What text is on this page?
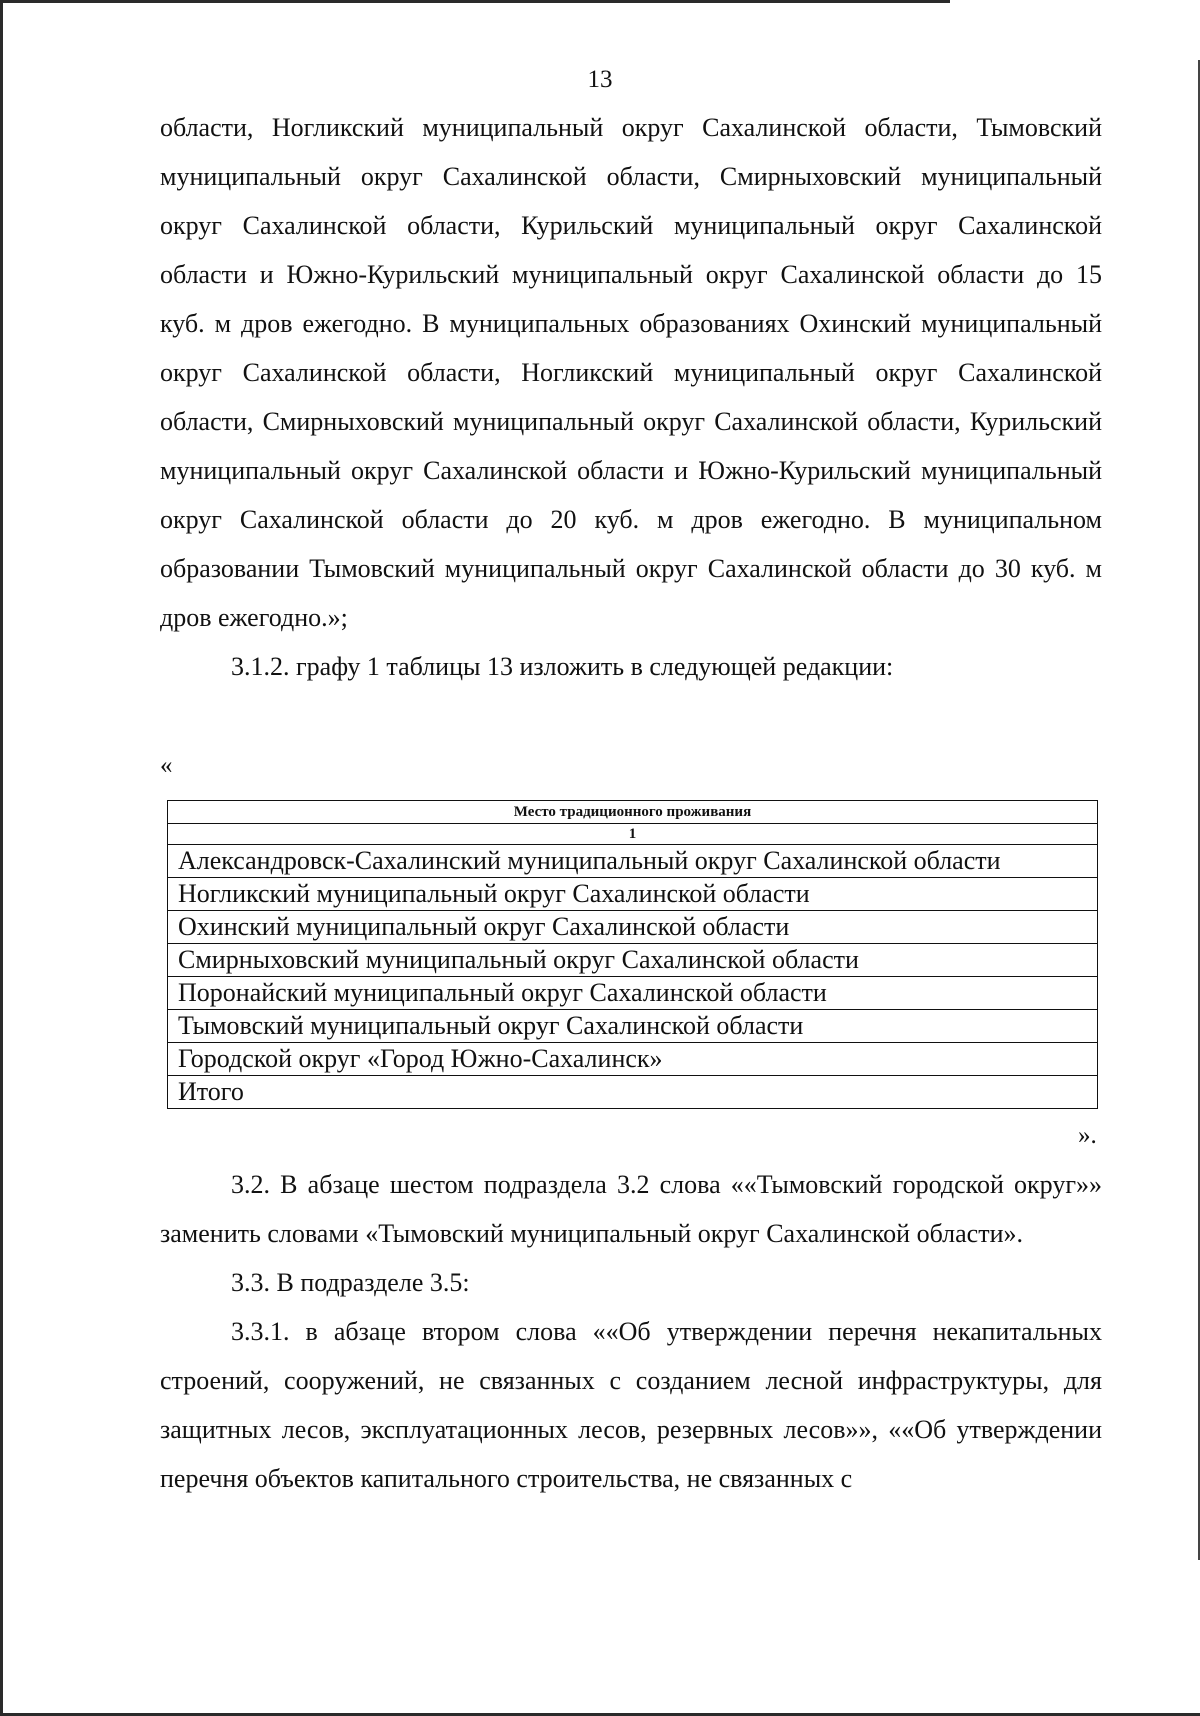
13

области, Ногликский муниципальный округ Сахалинской области, Тымовский муниципальный округ Сахалинской области, Смирныховский муниципальный округ Сахалинской области, Курильский муниципальный округ Сахалинской области и Южно-Курильский муниципальный округ Сахалинской области до 15 куб. м дров ежегодно. В муниципальных образованиях Охинский муниципальный округ Сахалинской области, Ногликский муниципальный округ Сахалинской области, Смирныховский муниципальный округ Сахалинской области, Курильский муниципальный округ Сахалинской области и Южно-Курильский муниципальный округ Сахалинской области до 20 куб. м дров ежегодно. В муниципальном образовании Тымовский муниципальный округ Сахалинской области до 30 куб. м дров ежегодно.»;

3.1.2. графу 1 таблицы 13 изложить в следующей редакции:

«
Место традиционного проживания
1
Александровск-Сахалинский муниципальный округ Сахалинской области
Ногликский муниципальный округ Сахалинской области
Охинский муниципальный округ Сахалинской области
Смирныховский муниципальный округ Сахалинской области
Поронайский муниципальный округ Сахалинской области
Тымовский муниципальный округ Сахалинской области
Городской округ «Город Южно-Сахалинск»
Итого
».

3.2. В абзаце шестом подраздела 3.2 слова ««Тымовский городской округ»» заменить словами «Тымовский муниципальный округ Сахалинской области».

3.3. В подразделе 3.5:

3.3.1. в абзаце втором слова ««Об утверждении перечня некапитальных строений, сооружений, не связанных с созданием лесной инфраструктуры, для защитных лесов, эксплуатационных лесов, резервных лесов»», ««Об утверждении перечня объектов капитального строительства, не связанных с
